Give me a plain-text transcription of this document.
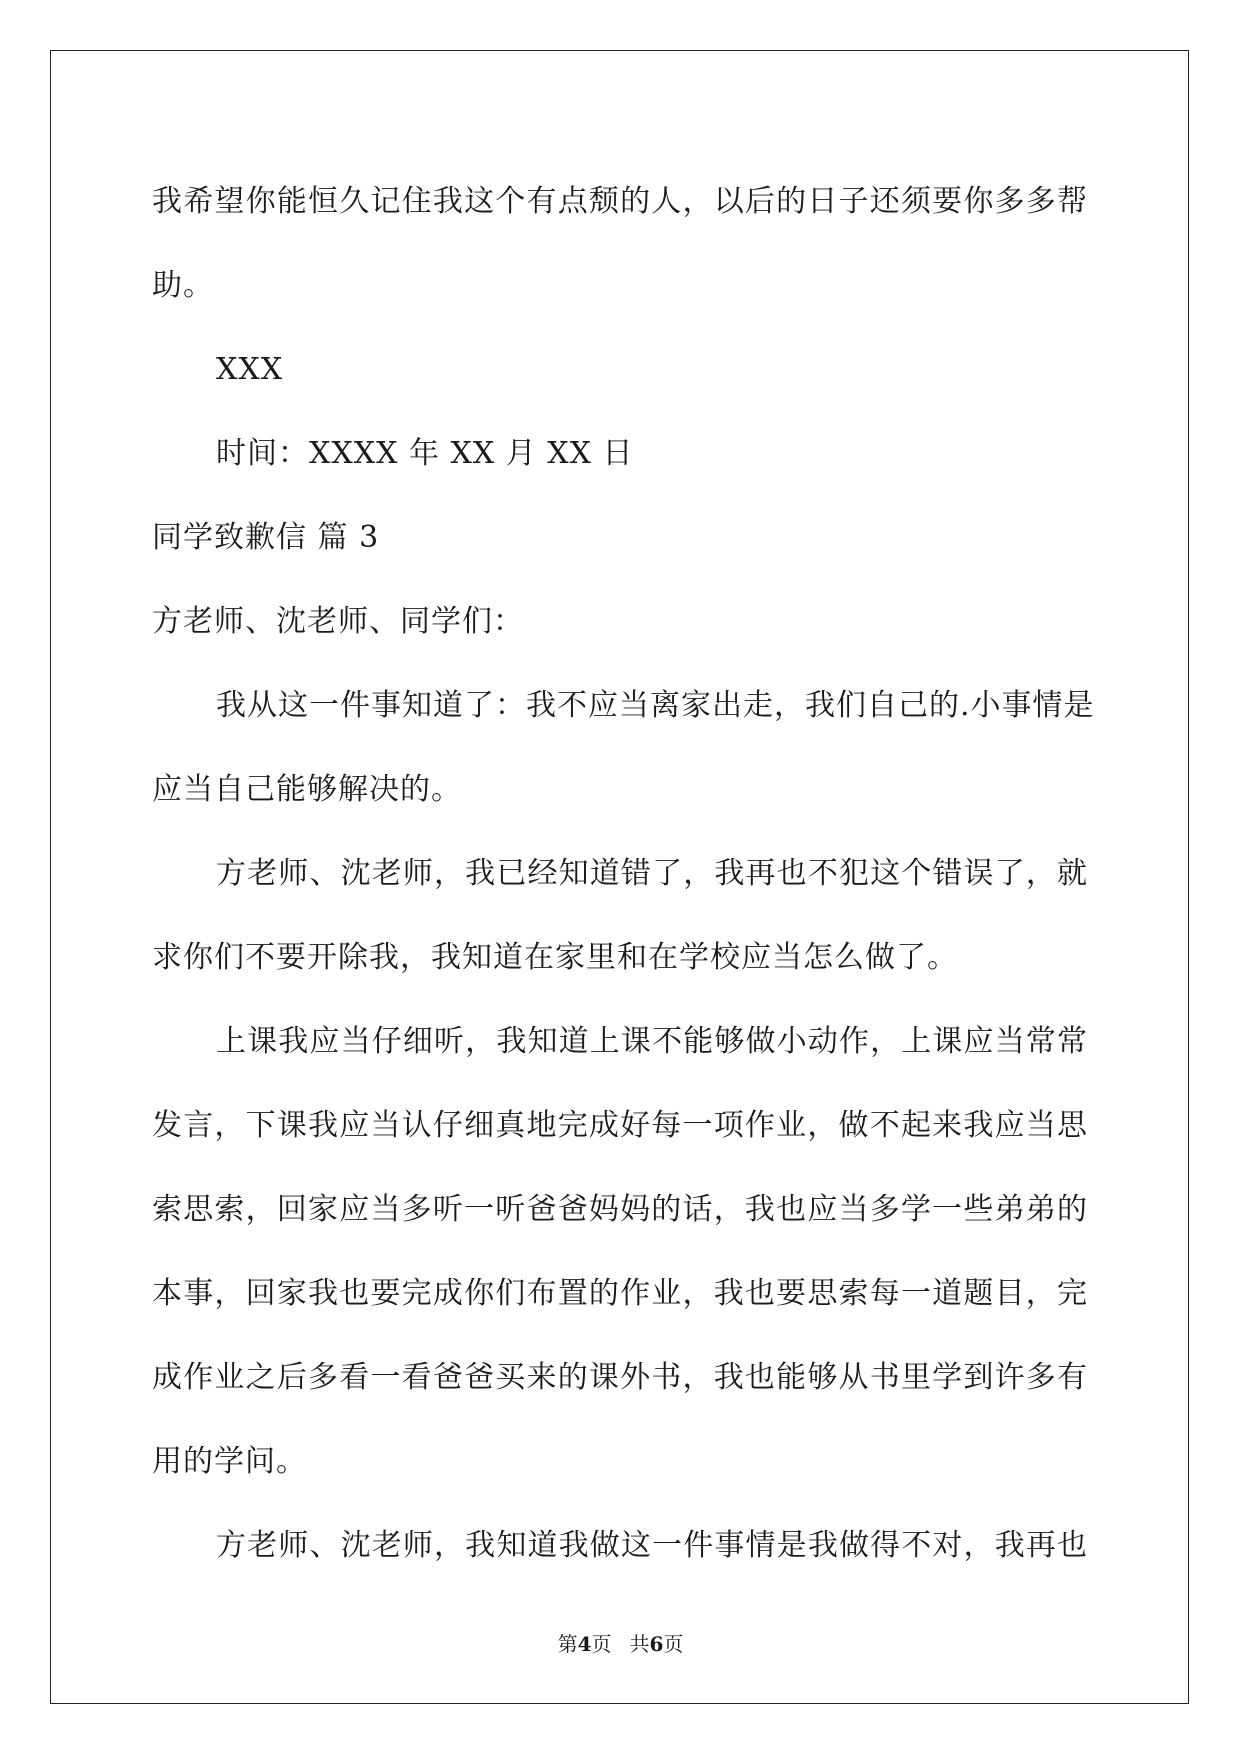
我希望你能恒久记住我这个有点颓的人，以后的日子还须要你多多帮
助。
XXX
时间：XXXX 年 XX 月 XX 日
同学致歉信 篇 3
方老师、沈老师、同学们：
我从这一件事知道了：我不应当离家出走，我们自己的.小事情是
应当自己能够解决的。
方老师、沈老师，我已经知道错了，我再也不犯这个错误了，就
求你们不要开除我，我知道在家里和在学校应当怎么做了。
上课我应当仔细听，我知道上课不能够做小动作，上课应当常常
发言，下课我应当认仔细真地完成好每一项作业，做不起来我应当思
索思索，回家应当多听一听爸爸妈妈的话，我也应当多学一些弟弟的
本事，回家我也要完成你们布置的作业，我也要思索每一道题目，完
成作业之后多看一看爸爸买来的课外书，我也能够从书里学到许多有
用的学问。
方老师、沈老师，我知道我做这一件事情是我做得不对，我再也
第4页 共6页
